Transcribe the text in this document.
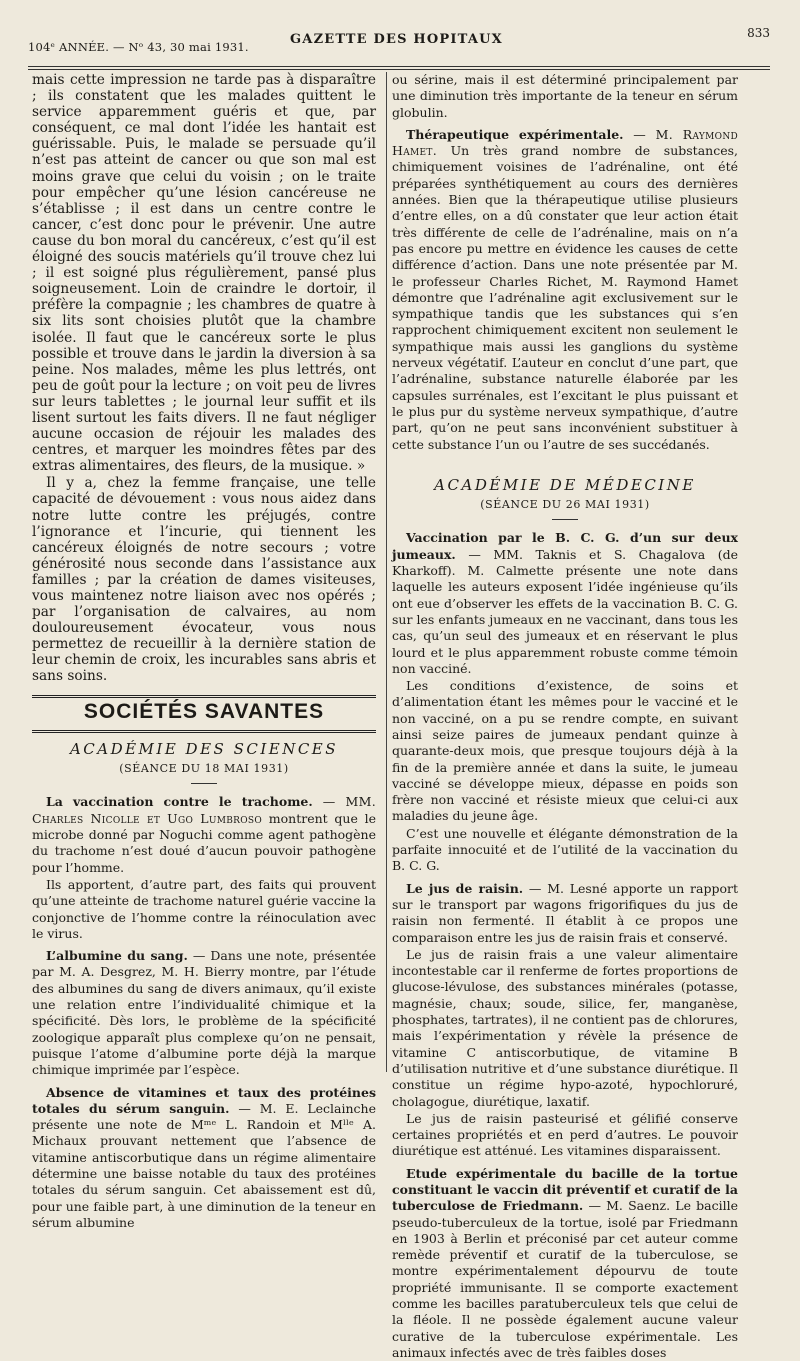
104ᵉ ANNÉE. — Nᵒ 43, 30 mai 1931.	GAZETTE DES HOPITAUX	833

mais cette impression ne tarde pas à disparaître ; ils constatent que les malades quittent le service apparemment guéris et que, par conséquent, ce mal dont l’idée les hantait est guérissable. Puis, le malade se persuade qu’il n’est pas atteint de cancer ou que son mal est moins grave que celui du voisin ; on le traite pour empêcher qu’une lésion cancéreuse ne s’établisse ; il est dans un centre contre le cancer, c’est donc pour le prévenir. Une autre cause du bon moral du cancéreux, c’est qu’il est éloigné des soucis matériels qu’il trouve chez lui ; il est soigné plus régulièrement, pansé plus soigneusement. Loin de craindre le dortoir, il préfère la compagnie ; les chambres de quatre à six lits sont choisies plutôt que la chambre isolée. Il faut que le cancéreux sorte le plus possible et trouve dans le jardin la diversion à sa peine. Nos malades, même les plus lettrés, ont peu de goût pour la lecture ; on voit peu de livres sur leurs tablettes ; le journal leur suffit et ils lisent surtout les faits divers. Il ne faut négliger aucune occasion de réjouir les malades des centres, et marquer les moindres fêtes par des extras alimentaires, des fleurs, de la musique. »

Il y a, chez la femme française, une telle capacité de dévouement : vous nous aidez dans notre lutte contre les préjugés, contre l’ignorance et l’incurie, qui tiennent les cancéreux éloignés de notre secours ; votre générosité nous seconde dans l’assistance aux familles ; par la création de dames visiteuses, vous maintenez notre liaison avec nos opérés ; par l’organisation de calvaires, au nom douloureusement évocateur, vous nous permettez de recueillir à la dernière station de leur chemin de croix, les incurables sans abris et sans soins.

SOCIÉTÉS SAVANTES
ACADÉMIE DES SCIENCES
(SÉANCE DU 18 MAI 1931)

La vaccination contre le trachome. — MM. Charles Nicolle et Ugo Lumbroso montrent que le microbe donné par Noguchi comme agent pathogène du trachome n’est doué d’aucun pouvoir pathogène pour l’homme.

Ils apportent, d’autre part, des faits qui prouvent qu’une atteinte de trachome naturel guérie vaccine la conjonctive de l’homme contre la réinoculation avec le virus.

L’albumine du sang. — Dans une note, présentée par M. A. Desgrez, M. H. Bierry montre, par l’étude des albumines du sang de divers animaux, qu’il existe une relation entre l’individualité chimique et la spécificité. Dès lors, le problème de la spécificité zoologique apparaît plus complexe qu’on ne pensait, puisque l’atome d’albumine porte déjà la marque chimique imprimée par l’espèce.

Absence de vitamines et taux des protéines totales du sérum sanguin. — M. E. Leclainche présente une note de Mᵐᵉ L. Randoin et Mˡˡᵉ A. Michaux prouvant nettement que l’absence de vitamine antiscorbutique dans un régime alimentaire détermine une baisse notable du taux des protéines totales du sérum sanguin. Cet abaissement est dû, pour une faible part, à une diminution de la teneur en sérum albumine

ou sérine, mais il est déterminé principalement par une diminution très importante de la teneur en sérum globulin.

Thérapeutique expérimentale. — M. Raymond Hamet. Un très grand nombre de substances, chimiquement voisines de l’adrénaline, ont été préparées synthétiquement au cours des dernières années. Bien que la thérapeutique utilise plusieurs d’entre elles, on a dû constater que leur action était très différente de celle de l’adrénaline, mais on n’a pas encore pu mettre en évidence les causes de cette différence d’action. Dans une note présentée par M. le professeur Charles Richet, M. Raymond Hamet démontre que l’adrénaline agit exclusivement sur le sympathique tandis que les substances qui s’en rapprochent chimiquement excitent non seulement le sympathique mais aussi les ganglions du système nerveux végétatif. L’auteur en conclut d’une part, que l’adrénaline, substance naturelle élaborée par les capsules surrénales, est l’excitant le plus puissant et le plus pur du système nerveux sympathique, d’autre part, qu’on ne peut sans inconvénient substituer à cette substance l’un ou l’autre de ses succédanés.

ACADÉMIE DE MÉDECINE
(SÉANCE DU 26 MAI 1931)

Vaccination par le B. C. G. d’un sur deux jumeaux. — MM. Taknis et S. Chagalova (de Kharkoff). M. Calmette présente une note dans laquelle les auteurs exposent l’idée ingénieuse qu’ils ont eue d’observer les effets de la vaccination B. C. G. sur les enfants jumeaux en ne vaccinant, dans tous les cas, qu’un seul des jumeaux et en réservant le plus lourd et le plus apparemment robuste comme témoin non vacciné.

Les conditions d’existence, de soins et d’alimentation étant les mêmes pour le vacciné et le non vacciné, on a pu se rendre compte, en suivant ainsi seize paires de jumeaux pendant quinze à quarante-deux mois, que presque toujours déjà à la fin de la première année et dans la suite, le jumeau vacciné se développe mieux, dépasse en poids son frère non vacciné et résiste mieux que celui-ci aux maladies du jeune âge.

C’est une nouvelle et élégante démonstration de la parfaite innocuité et de l’utilité de la vaccination du B. C. G.

Le jus de raisin. — M. Lesné apporte un rapport sur le transport par wagons frigorifiques du jus de raisin non fermenté. Il établit à ce propos une comparaison entre les jus de raisin frais et conservé.

Le jus de raisin frais a une valeur alimentaire incontestable car il renferme de fortes proportions de glucose-lévulose, des substances minérales (potasse, magnésie, chaux; soude, silice, fer, manganèse, phosphates, tartrates), il ne contient pas de chlorures, mais l’expérimentation y révèle la présence de vitamine C antiscorbutique, de vitamine B d’utilisation nutritive et d’une substance diurétique. Il constitue un régime hypo-azoté, hypochloruré, cholagogue, diurétique, laxatif.

Le jus de raisin pasteurisé et gélifié conserve certaines propriétés et en perd d’autres. Le pouvoir diurétique est atténué. Les vitamines disparaissent.

Etude expérimentale du bacille de la tortue constituant le vaccin dit préventif et curatif de la tuberculose de Friedmann. — M. Saenz. Le bacille pseudo-tuberculeux de la tortue, isolé par Friedmann en 1903 à Berlin et préconisé par cet auteur comme remède préventif et curatif de la tuberculose, se montre expérimentalement dépourvu de toute propriété immunisante. Il se comporte exactement comme les bacilles paratuberculeux tels que celui de la fléole. Il ne possède également aucune valeur curative de la tuberculose expérimentale. Les animaux infectés avec de très faibles doses
